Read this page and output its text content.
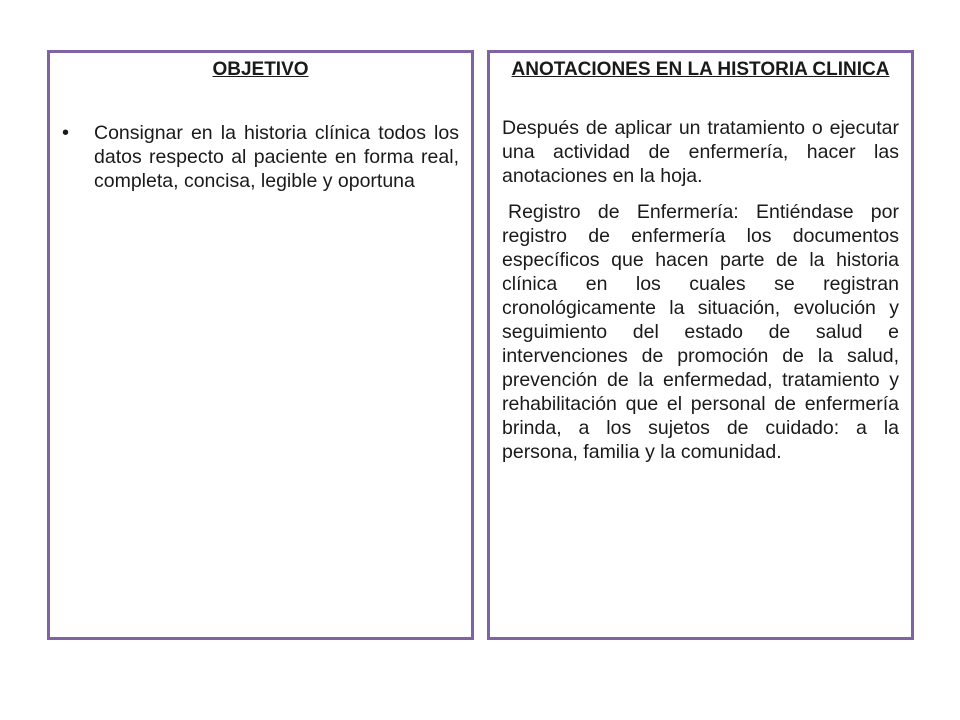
OBJETIVO
•	Consignar en la historia clínica todos los datos respecto al paciente en forma real, completa, concisa, legible y oportuna
ANOTACIONES EN LA HISTORIA CLINICA

Después de aplicar un tratamiento o ejecutar una actividad de enfermería, hacer las anotaciones en la hoja.

Registro de Enfermería: Entiéndase por registro de enfermería los documentos específicos que hacen parte de la historia clínica en los cuales se registran cronológicamente la situación, evolución y seguimiento del estado de salud e intervenciones de promoción de la salud, prevención de la enfermedad, tratamiento y rehabilitación que el personal de enfermería brinda, a los sujetos de cuidado: a la persona, familia y la comunidad.
